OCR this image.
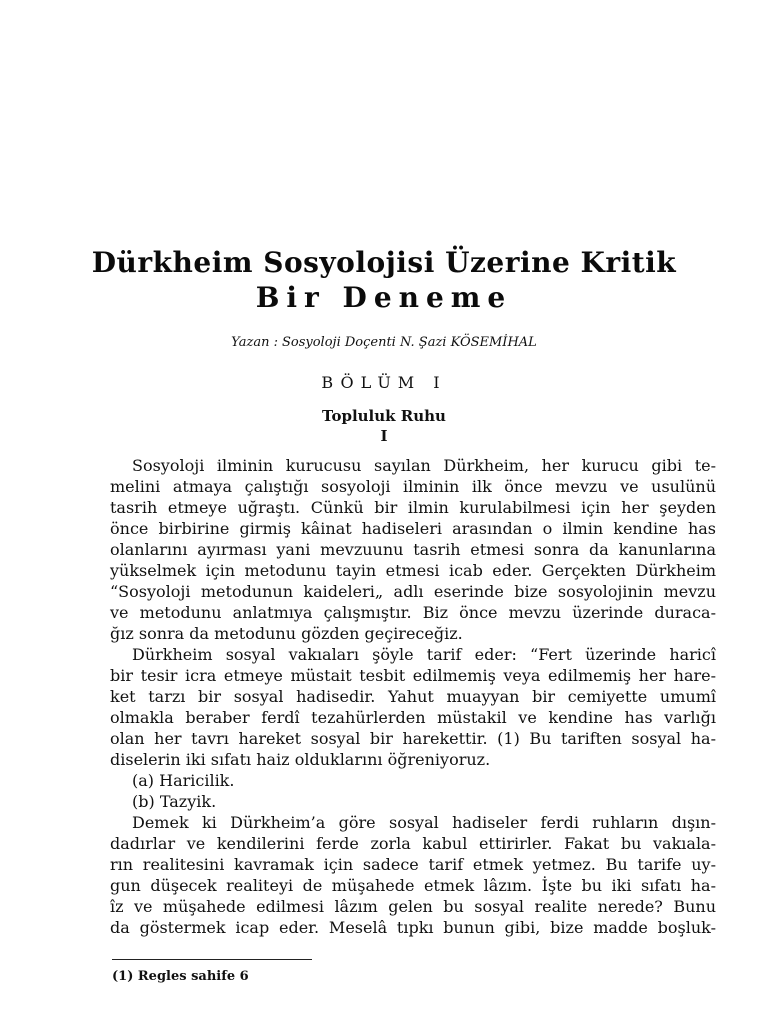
Dürkheim Sosyolojisi Üzerine Kritik
Bir Deneme
Yazan : Sosyoloji Doçenti N. Şazi KÖSEMİHAL
BÖLÜM I
Topluluk Ruhu
I
Sosyoloji ilminin kurucusu sayılan Dürkheim, her kurucu gibi te-
melini atmaya çalıştığı sosyoloji ilminin ilk önce mevzu ve usulünü
tasrih etmeye uğraştı. Cünkü bir ilmin kurulabilmesi için her şeyden
önce birbirine girmiş kâinat hadiseleri arasından o ilmin kendine has
olanlarını ayırması yani mevzuunu tasrih etmesi sonra da kanunlarına
yükselmek için metodunu tayin etmesi icab eder. Gerçekten Dürkheim
“Sosyoloji metodunun kaideleri„ adlı eserinde bize sosyolojinin mevzu
ve metodunu anlatmıya çalışmıştır. Biz önce mevzu üzerinde duraca-
ğız sonra da metodunu gözden geçireceğiz.
Dürkheim sosyal vakıaları şöyle tarif eder: “Fert üzerinde haricî
bir tesir icra etmeye müstait tesbit edilmemiş veya edilmemiş her hare-
ket tarzı bir sosyal hadisedir. Yahut muayyan bir cemiyette umumî
olmakla beraber ferdî tezahürlerden müstakil ve kendine has varlığı
olan her tavrı hareket sosyal bir harekettir. (1) Bu tariften sosyal ha-
diselerin iki sıfatı haiz olduklarını öğreniyoruz.
(a) Haricilik.
(b) Tazyik.
Demek ki Dürkheim’a göre sosyal hadiseler ferdi ruhların dışın-
dadırlar ve kendilerini ferde zorla kabul ettirirler. Fakat bu vakıala-
rın realitesini kavramak için sadece tarif etmek yetmez. Bu tarife uy-
gun düşecek realiteyi de müşahede etmek lâzım. İşte bu iki sıfatı ha-
îz ve müşahede edilmesi lâzım gelen bu sosyal realite nerede? Bunu
da göstermek icap eder. Meselâ tıpkı bunun gibi, bize madde boşluk-
(1) Regles sahife 6
